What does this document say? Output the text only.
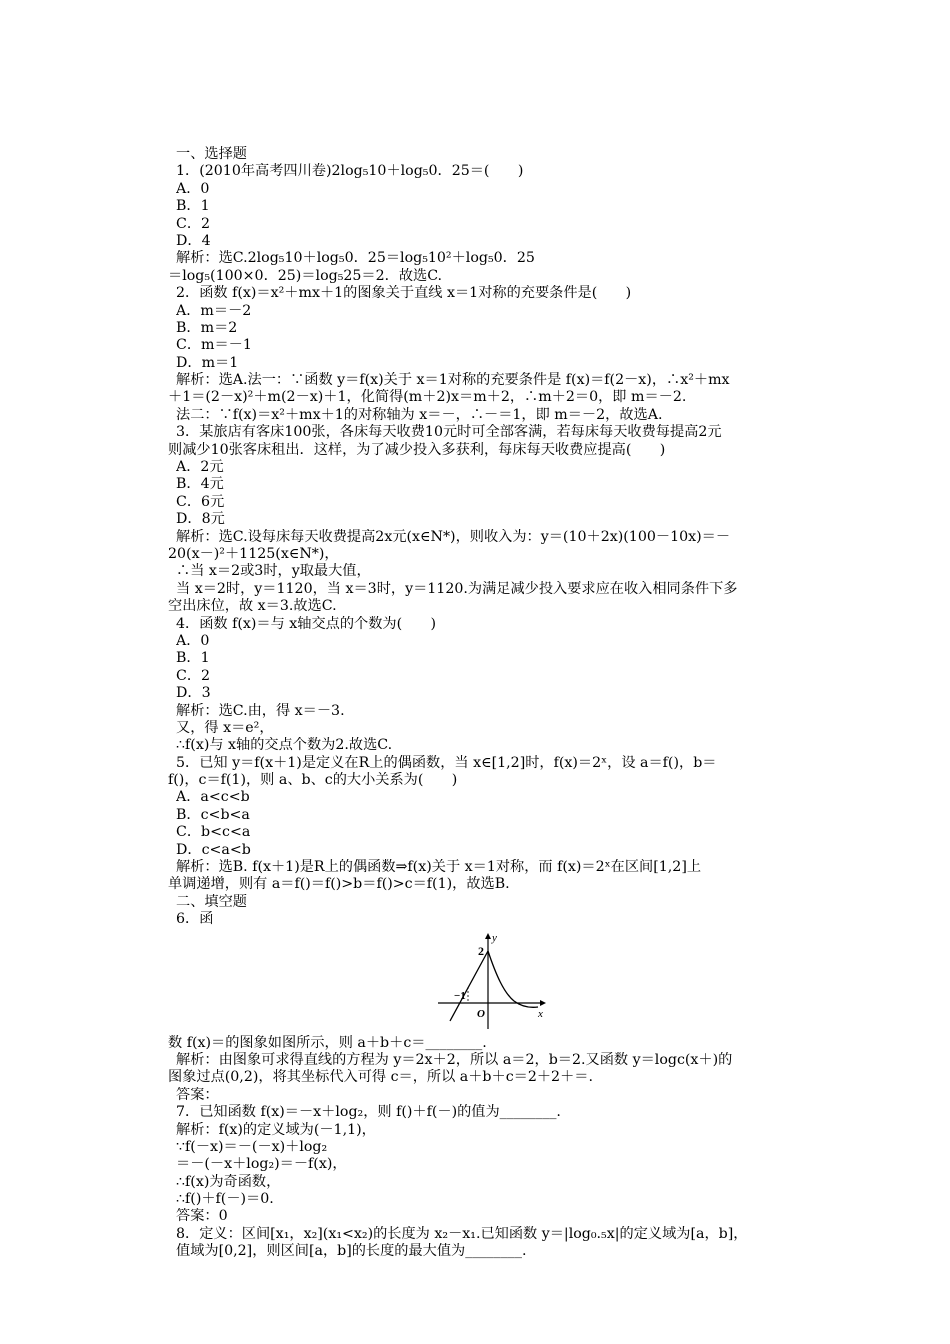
一、选择题
1．(2010年高考四川卷)2log₅10＋log₅0．25＝(　　)
A．0
B．1
C．2
D．4
解析：选C.2log₅10＋log₅0．25＝log₅10²＋log₅0．25
＝log₅(100×0．25)＝log₅25＝2．故选C.
2．函数 f(x)＝x²＋mx＋1的图象关于直线 x＝1对称的充要条件是(　　)
A．m＝－2
B．m＝2
C．m＝－1
D．m＝1
解析：选A.法一：∵函数 y＝f(x)关于 x＝1对称的充要条件是 f(x)＝f(2－x)，∴x²＋mx
＋1＝(2－x)²＋m(2－x)＋1，化简得(m＋2)x＝m＋2，∴m＋2＝0，即 m＝－2.
法二：∵f(x)＝x²＋mx＋1的对称轴为 x＝－，∴－＝1，即 m＝－2，故选A.
3．某旅店有客床100张，各床每天收费10元时可全部客满，若每床每天收费每提高2元
则减少10张客床租出．这样，为了减少投入多获利，每床每天收费应提高(　　)
A．2元
B．4元
C．6元
D．8元
解析：选C.设每床每天收费提高2x元(x∈N*)，则收入为：y＝(10＋2x)(100－10x)＝－
20(x－)²＋1125(x∈N*)，
∴当 x＝2或3时，y取最大值，
当 x＝2时，y＝1120，当 x＝3时，y＝1120.为满足减少投入要求应在收入相同条件下多
空出床位，故 x＝3.故选C.
4．函数 f(x)＝与 x轴交点的个数为(　　)
A．0
B．1
C．2
D．3
解析：选C.由，得 x＝－3.
又，得 x＝e²，
∴f(x)与 x轴的交点个数为2.故选C.
5．已知 y＝f(x＋1)是定义在R上的偶函数，当 x∈[1,2]时，f(x)＝2ˣ，设 a＝f()，b＝
f()，c＝f(1)，则 a、b、c的大小关系为(　　)
A．a<c<b
B．c<b<a
C．b<c<a
D．c<a<b
解析：选B. f(x＋1)是R上的偶函数⇒f(x)关于 x＝1对称，而 f(x)＝2ˣ在区间[1,2]上
单调递增，则有 a＝f()＝f()>b＝f()>c＝f(1)，故选B.
二、填空题
6．函
y
x
2
−1
O
数 f(x)＝的图象如图所示，则 a＋b＋c＝________.
解析：由图象可求得直线的方程为 y＝2x＋2，所以 a＝2，b＝2.又函数 y＝logc(x＋)的
图象过点(0,2)，将其坐标代入可得 c＝，所以 a＋b＋c＝2＋2＋＝.
答案：
7．已知函数 f(x)＝－x＋log₂，则 f()＋f(－)的值为________.
解析：f(x)的定义域为(－1,1)，
∵f(－x)＝－(－x)＋log₂
＝－(－x＋log₂)＝－f(x)，
∴f(x)为奇函数，
∴f()＋f(－)＝0.
答案：0
8．定义：区间[x₁，x₂](x₁<x₂)的长度为 x₂－x₁.已知函数 y＝|log₀.₅x|的定义域为[a，b]，
值域为[0,2]，则区间[a，b]的长度的最大值为________.
